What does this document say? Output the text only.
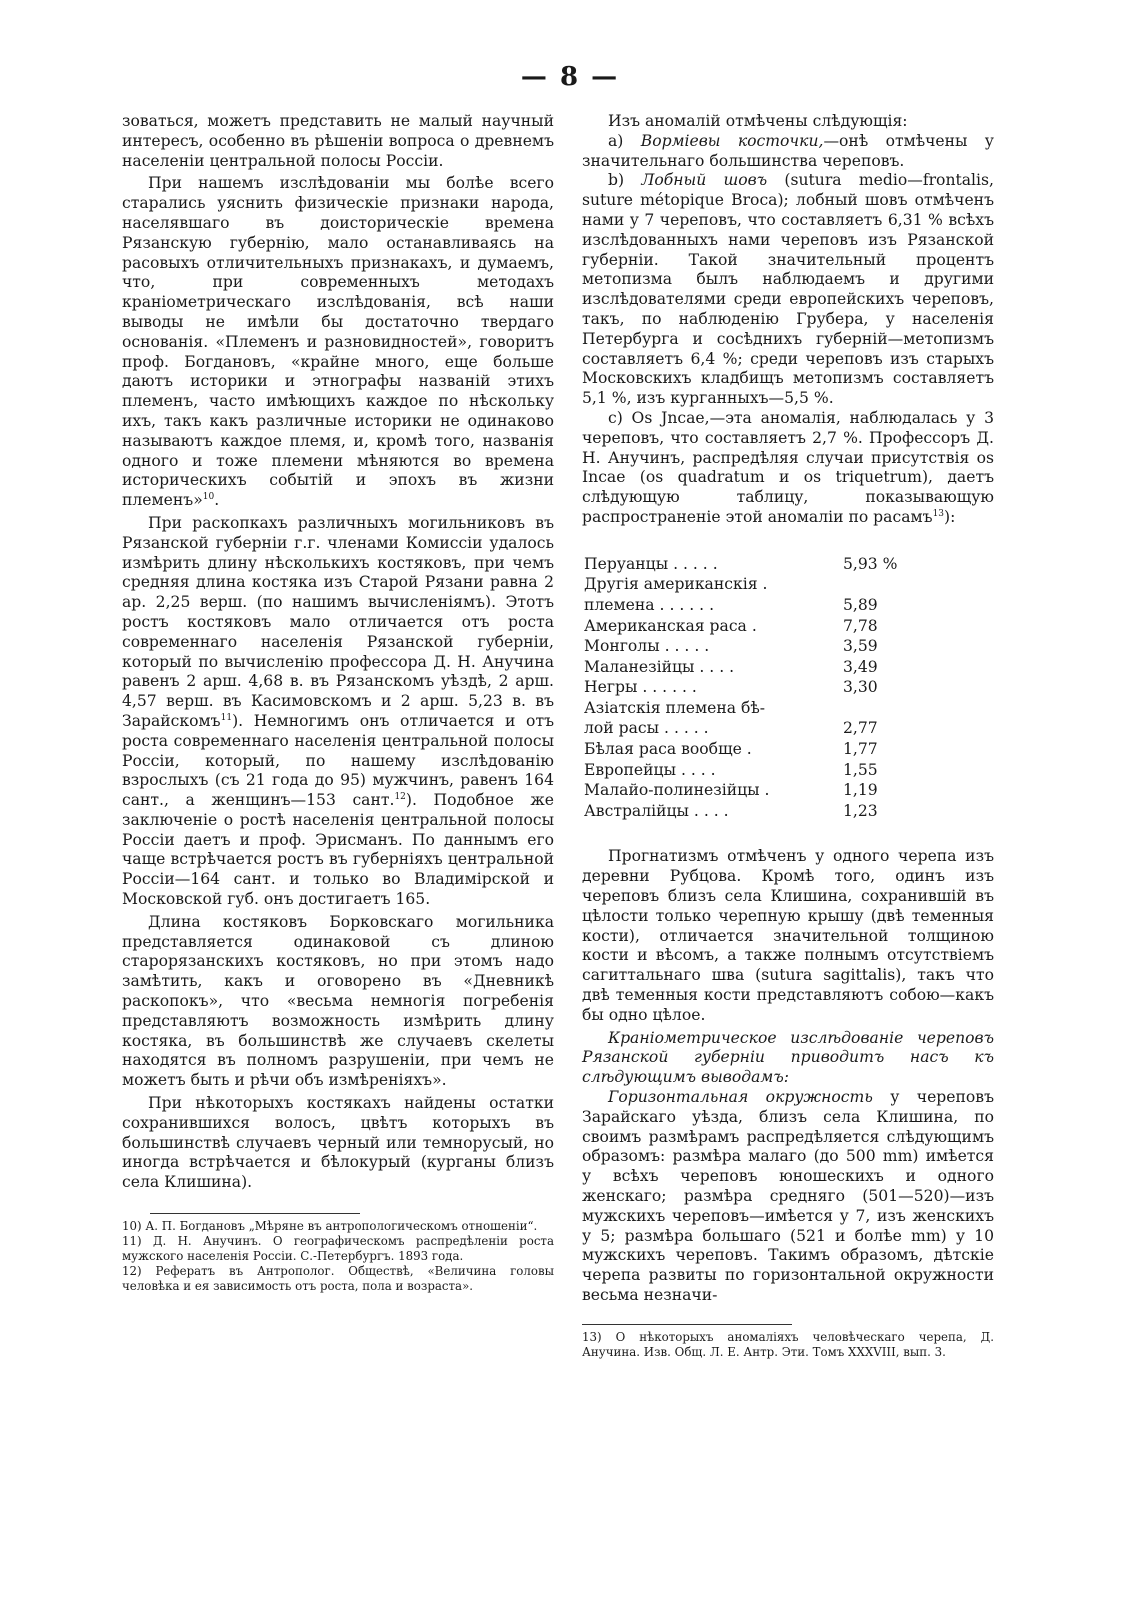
— 8 —

зоваться, можетъ представить не малый научный интересъ, особенно въ рѣшенiи вопроса о древнемъ населенiи центральной полосы Россiи.

При нашемъ изслѣдованiи мы болѣе всего старались уяснить физическiе признаки народа, населявшаго въ доисторическiе времена Рязанскую губернiю, мало останавливаясь на расовыхъ отличительныхъ признакахъ, и думаемъ, что, при современныхъ методахъ краніометрическаго изслѣдованiя, всѣ наши выводы не имѣли бы достаточно твердаго основанiя. «Племенъ и разновидностей», говоритъ проф. Богдановъ, «крайне много, еще больше даютъ историки и этнографы названiй этихъ племенъ, часто имѣющихъ каждое по нѣскольку ихъ, такъ какъ различные историки не одинаково называютъ каждое племя, и, кромѣ того, названiя одного и тоже племени мѣняются во времена историческихъ событiй и эпохъ въ жизни племенъ»$^{10}$.

При раскопкахъ различныхъ могильниковъ въ Рязанской губернiи г.г. членами Комиссiи удалось измѣрить длину нѣсколькихъ костяковъ, при чемъ средняя длина костяка изъ Старой Рязани равна 2 ар. 2,25 верш. (по нашимъ вычисленiямъ). Этотъ ростъ костяковъ мало отличается отъ роста современнаго населенiя Рязанской губернiи, который по вычисленiю профессора Д. Н. Анучина равенъ 2 арш. 4,68 в. въ Рязанскомъ уѣздѣ, 2 арш. 4,57 верш. въ Касимовскомъ и 2 арш. 5,23 в. въ Зарайскомъ$^{11}$). Немногимъ онъ отличается и отъ роста современнаго населенiя центральной полосы Россiи, который, по нашему изслѣдованiю взрослыхъ (съ 21 года до 95) мужчинъ, равенъ 164 сант., а женщинъ—153 сант.$^{12}$). Подобное же заключенiе о ростѣ населенiя центральной полосы Россiи даетъ и проф. Эрисманъ. По даннымъ его чаще встрѣчается ростъ въ губернiяхъ центральной Россiи—164 сант. и только во Владимiрской и Московской губ. онъ достигаетъ 165.

Длина костяковъ Борковскаго могильника представляется одинаковой съ длиною старорязанскихъ костяковъ, но при этомъ надо замѣтить, какъ и оговорено въ «Дневникѣ раскопокъ», что «весьма немногiя погребенiя представляютъ возможность измѣрить длину костяка, въ большинствѣ же случаевъ скелеты находятся въ полномъ разрушенiи, при чемъ не можетъ быть и рѣчи объ измѣренiяхъ».

При нѣкоторыхъ костякахъ найдены остатки сохранившихся волосъ, цвѣтъ которыхъ въ большинствѣ случаевъ черный или темнорусый, но иногда встрѣчается и бѣлокурый (курганы близъ села Клишина).

10) А. П. Богдановъ „Мѣряне въ антропологическомъ отношенiи“.

11) Д. Н. Анучинъ. О географическомъ распредѣленiи роста мужского населенiя Россiи. С.-Петербургъ. 1893 года.

12) Рефератъ въ Антрополог. Обществѣ, «Величина головы человѣка и ея зависимость отъ роста, пола и возраста».

Изъ аномалiй отмѣчены слѣдующiя:

a) Вормiевы косточки,—онѣ отмѣчены у значительнаго большинства череповъ.

b) Лобный шовъ (sutura medio—frontalis, suture métopique Broca); лобный шовъ отмѣченъ нами у 7 череповъ, что составляетъ 6,31 % всѣхъ изслѣдованныхъ нами череповъ изъ Рязанской губернiи. Такой значительный процентъ метопизма былъ наблюдаемъ и другими изслѣдователями среди европейскихъ череповъ, такъ, по наблюденiю Грубера, у населенiя Петербурга и сосѣднихъ губернiй—метопизмъ составляетъ 6,4 %; среди череповъ изъ старыхъ Московскихъ кладбищъ метопизмъ составляетъ 5,1 %, изъ курганныхъ—5,5 %.

c) Os Jncae,—эта аномалiя, наблюдалась у 3 череповъ, что составляетъ 2,7 %. Профессоръ Д. Н. Анучинъ, распредѣляя случаи присутствiя os Incae (os quadratum и os triquetrum), даетъ слѣдующую таблицу, показывающую распространенiе этой аномалiи по расамъ$^{13}$):

Перуанцы . . . . .	5,93 %
Другiя американскiя .	
племена . . . . . .	5,89
Американская раса .	7,78
Монголы . . . . .	3,59
Маланезiйцы . . . .	3,49
Негры . . . . . .	3,30
Азiатскiя племена бѣ-	
лой расы . . . . .	2,77
Бѣлая раса вообще .	1,77
Европейцы . . . .	1,55
Малайо-полинезiйцы .	1,19
Австралiйцы . . . .	1,23

Прогнатизмъ отмѣченъ у одного черепа изъ деревни Рубцова. Кромѣ того, одинъ изъ череповъ близъ села Клишина, сохранившiй въ цѣлости только черепную крышу (двѣ теменныя кости), отличается значительной толщиною кости и вѣсомъ, а также полнымъ отсутствiемъ сагиттальнаго шва (sutura sagittalis), такъ что двѣ теменныя кости представляютъ собою—какъ бы одно цѣлое.

Краніометрическое изслѣдованiе череповъ Рязанской губернiи приводитъ насъ къ слѣдующимъ выводамъ:

Горизонтальная окружность у череповъ Зарайскаго уѣзда, близъ села Клишина, по своимъ размѣрамъ распредѣляется слѣдующимъ образомъ: размѣра малаго (до 500 mm) имѣется у всѣхъ череповъ юношескихъ и одного женскаго; размѣра средняго (501—520)—изъ мужскихъ череповъ—имѣется у 7, изъ женскихъ у 5; размѣра большаго (521 и болѣе mm) у 10 мужскихъ череповъ. Такимъ образомъ, дѣтскiе черепа развиты по горизонтальной окружности весьма незначи-

13) О нѣкоторыхъ аномалiяхъ человѣческаго черепа, Д. Анучина. Изв. Общ. Л. Е. Антр. Эти. Томъ XXXVIII, вып. 3.
